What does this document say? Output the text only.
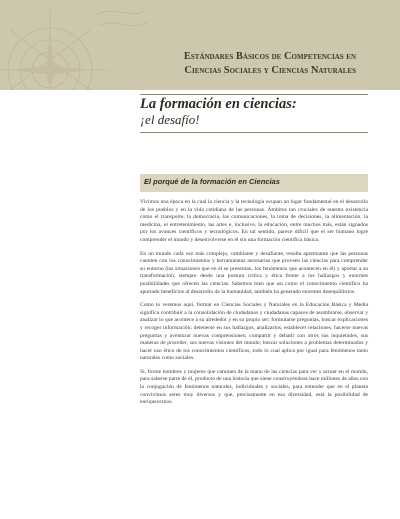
Estándares Básicos de Competencias en
Ciencias Sociales y Ciencias Naturales
La formación en ciencias:
¡el desafío!
El porqué de la formación en Ciencias

Vivimos una época en la cual la ciencia y la tecnología ocupan un lugar fundamental en el desarrollo de los pueblos y en la vida cotidiana de las personas. Ámbitos tan cruciales de nuestra existencia como el transporte, la democracia, las comunicaciones, la toma de decisiones, la alimentación, la medicina, el entretenimiento, las artes e, inclusive, la educación, entre muchos más, están signados por los avances científicos y tecnológicos. En tal sentido, parece difícil que el ser humano logre comprender el mundo y desenvolverse en él sin una formación científica básica.

En un mundo cada vez más complejo, cambiante y desafiante, resulta apremiante que las personas cuenten con los conocimientos y herramientas necesarias que proveen las ciencias para comprender su entorno (las situaciones que en él se presentan, los fenómenos que acontecen en él) y aportar a su transformación, siempre desde una postura crítica y ética frente a los hallazgos y enormes posibilidades que ofrecen las ciencias. Sabemos bien que así como el conocimiento científico ha aportado beneficios al desarrollo de la humanidad, también ha generado enormes desequilibrios.

Como lo veremos aquí, formar en Ciencias Sociales y Naturales en la Educación Básica y Media significa contribuir a la consolidación de ciudadanos y ciudadanas capaces de asombrarse, observar y analizar lo que acontece a su alrededor y en su propio ser; formularse preguntas, buscar explicaciones y recoger información; detenerse en sus hallazgos, analizarlos, establecer relaciones, hacerse nuevas preguntas y aventurar nuevas comprensiones; compartir y debatir con otros sus inquietudes, sus maneras de proceder, sus nuevas visiones del mundo; buscar soluciones a problemas determinados y hacer uso ético de los conocimientos científicos, todo lo cual aplica por igual para fenómenos tanto naturales como sociales.

Si, forme hombres y mujeres que caminen de la mano de las ciencias para ver y actuar en el mundo, para saberse parte de él, producto de una historia que siene construyéndose hace millones de años con la conjugación de fenómenos naturales, individuales y sociales, para entender que en el planeta convivimos seres muy diversos y que, precisamente en esa diversidad, está la posibilidad de enriquecernos.
